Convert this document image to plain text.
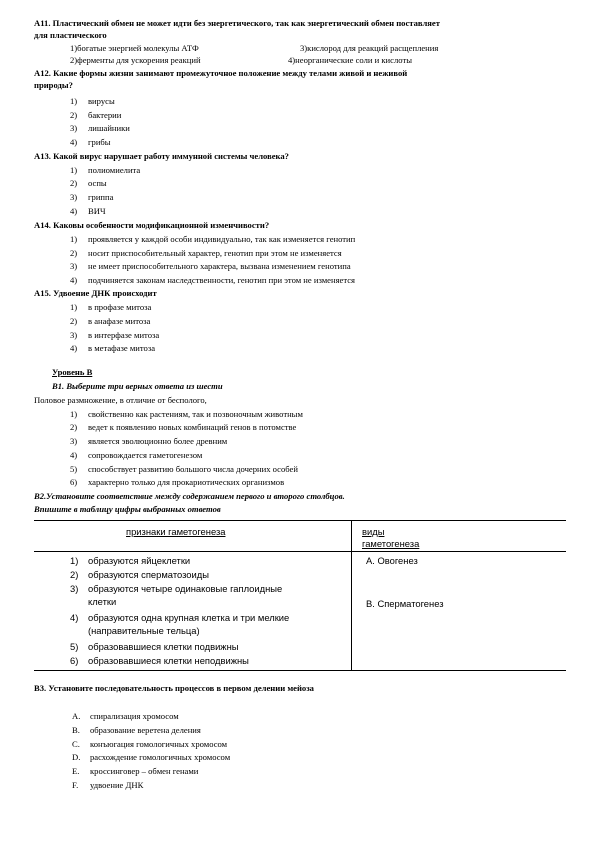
A11. Пластический обмен не может идти без энергетического, так как энергетический обмен поставляет
для пластического
1)богатые энергией молекулы АТФ	3)кислород для реакций расщепления
2)ферменты для ускорения реакций	4)неорганические соли и кислоты
A12. Какие формы жизни занимают промежуточное положение между телами живой и неживой
природы?
1) вирусы
2) бактерии
3) лишайники
4) грибы
A13. Какой вирус нарушает работу иммунной системы человека?
1) полиомиелита
2) оспы
3) гриппа
4) ВИЧ
A14. Каковы особенности модификационной изменчивости?
1) проявляется у каждой особи индивидуально, так как изменяется генотип
2) носит приспособительный характер, генотип при этом не изменяется
3) не имеет приспособительного характера, вызвана изменением генотипа
4) подчиняется законам наследственности, генотип при этом не изменяется
A15. Удвоение ДНК происходит
1) в профазе митоза
2) в анафазе митоза
3) в интерфазе митоза
4) в метафазе митоза
Уровень В
В1. Выберите три верных ответа из шести
Половое размножение, в отличие от бесполого,
1) свойственно как растениям, так и позвоночным животным
2) ведет к появлению новых комбинаций генов в потомстве
3) является эволюционно более древним
4) сопровождается гаметогенезом
5) способствует развитию большого числа дочерних особей
6) характерно только для прокариотических организмов
В2.Установите соответствие между содержанием первого и второго столбцов.
Впишите в таблицу цифры выбранных ответов
признаки гаметогенеза	виды
гаметогенеза
1) образуются яйцеклетки
2) образуются сперматозоиды
3) образуются четыре одинаковые гаплоидные
клетки
4) образуются одна крупная клетка и три мелкие
(направительные тельца)
5) образовавшиеся клетки подвижны
6) образовавшиеся клетки неподвижны
А. Овогенез
В. Сперматогенез
В3. Установите последовательность процессов в первом делении мейоза
А. спирализация хромосом
В. образование веретена деления
С. конъюгация гомологичных хромосом
D. расхождение гомологичных хромосом
Е. кроссинговер – обмен генами
F. удвоение ДНК
